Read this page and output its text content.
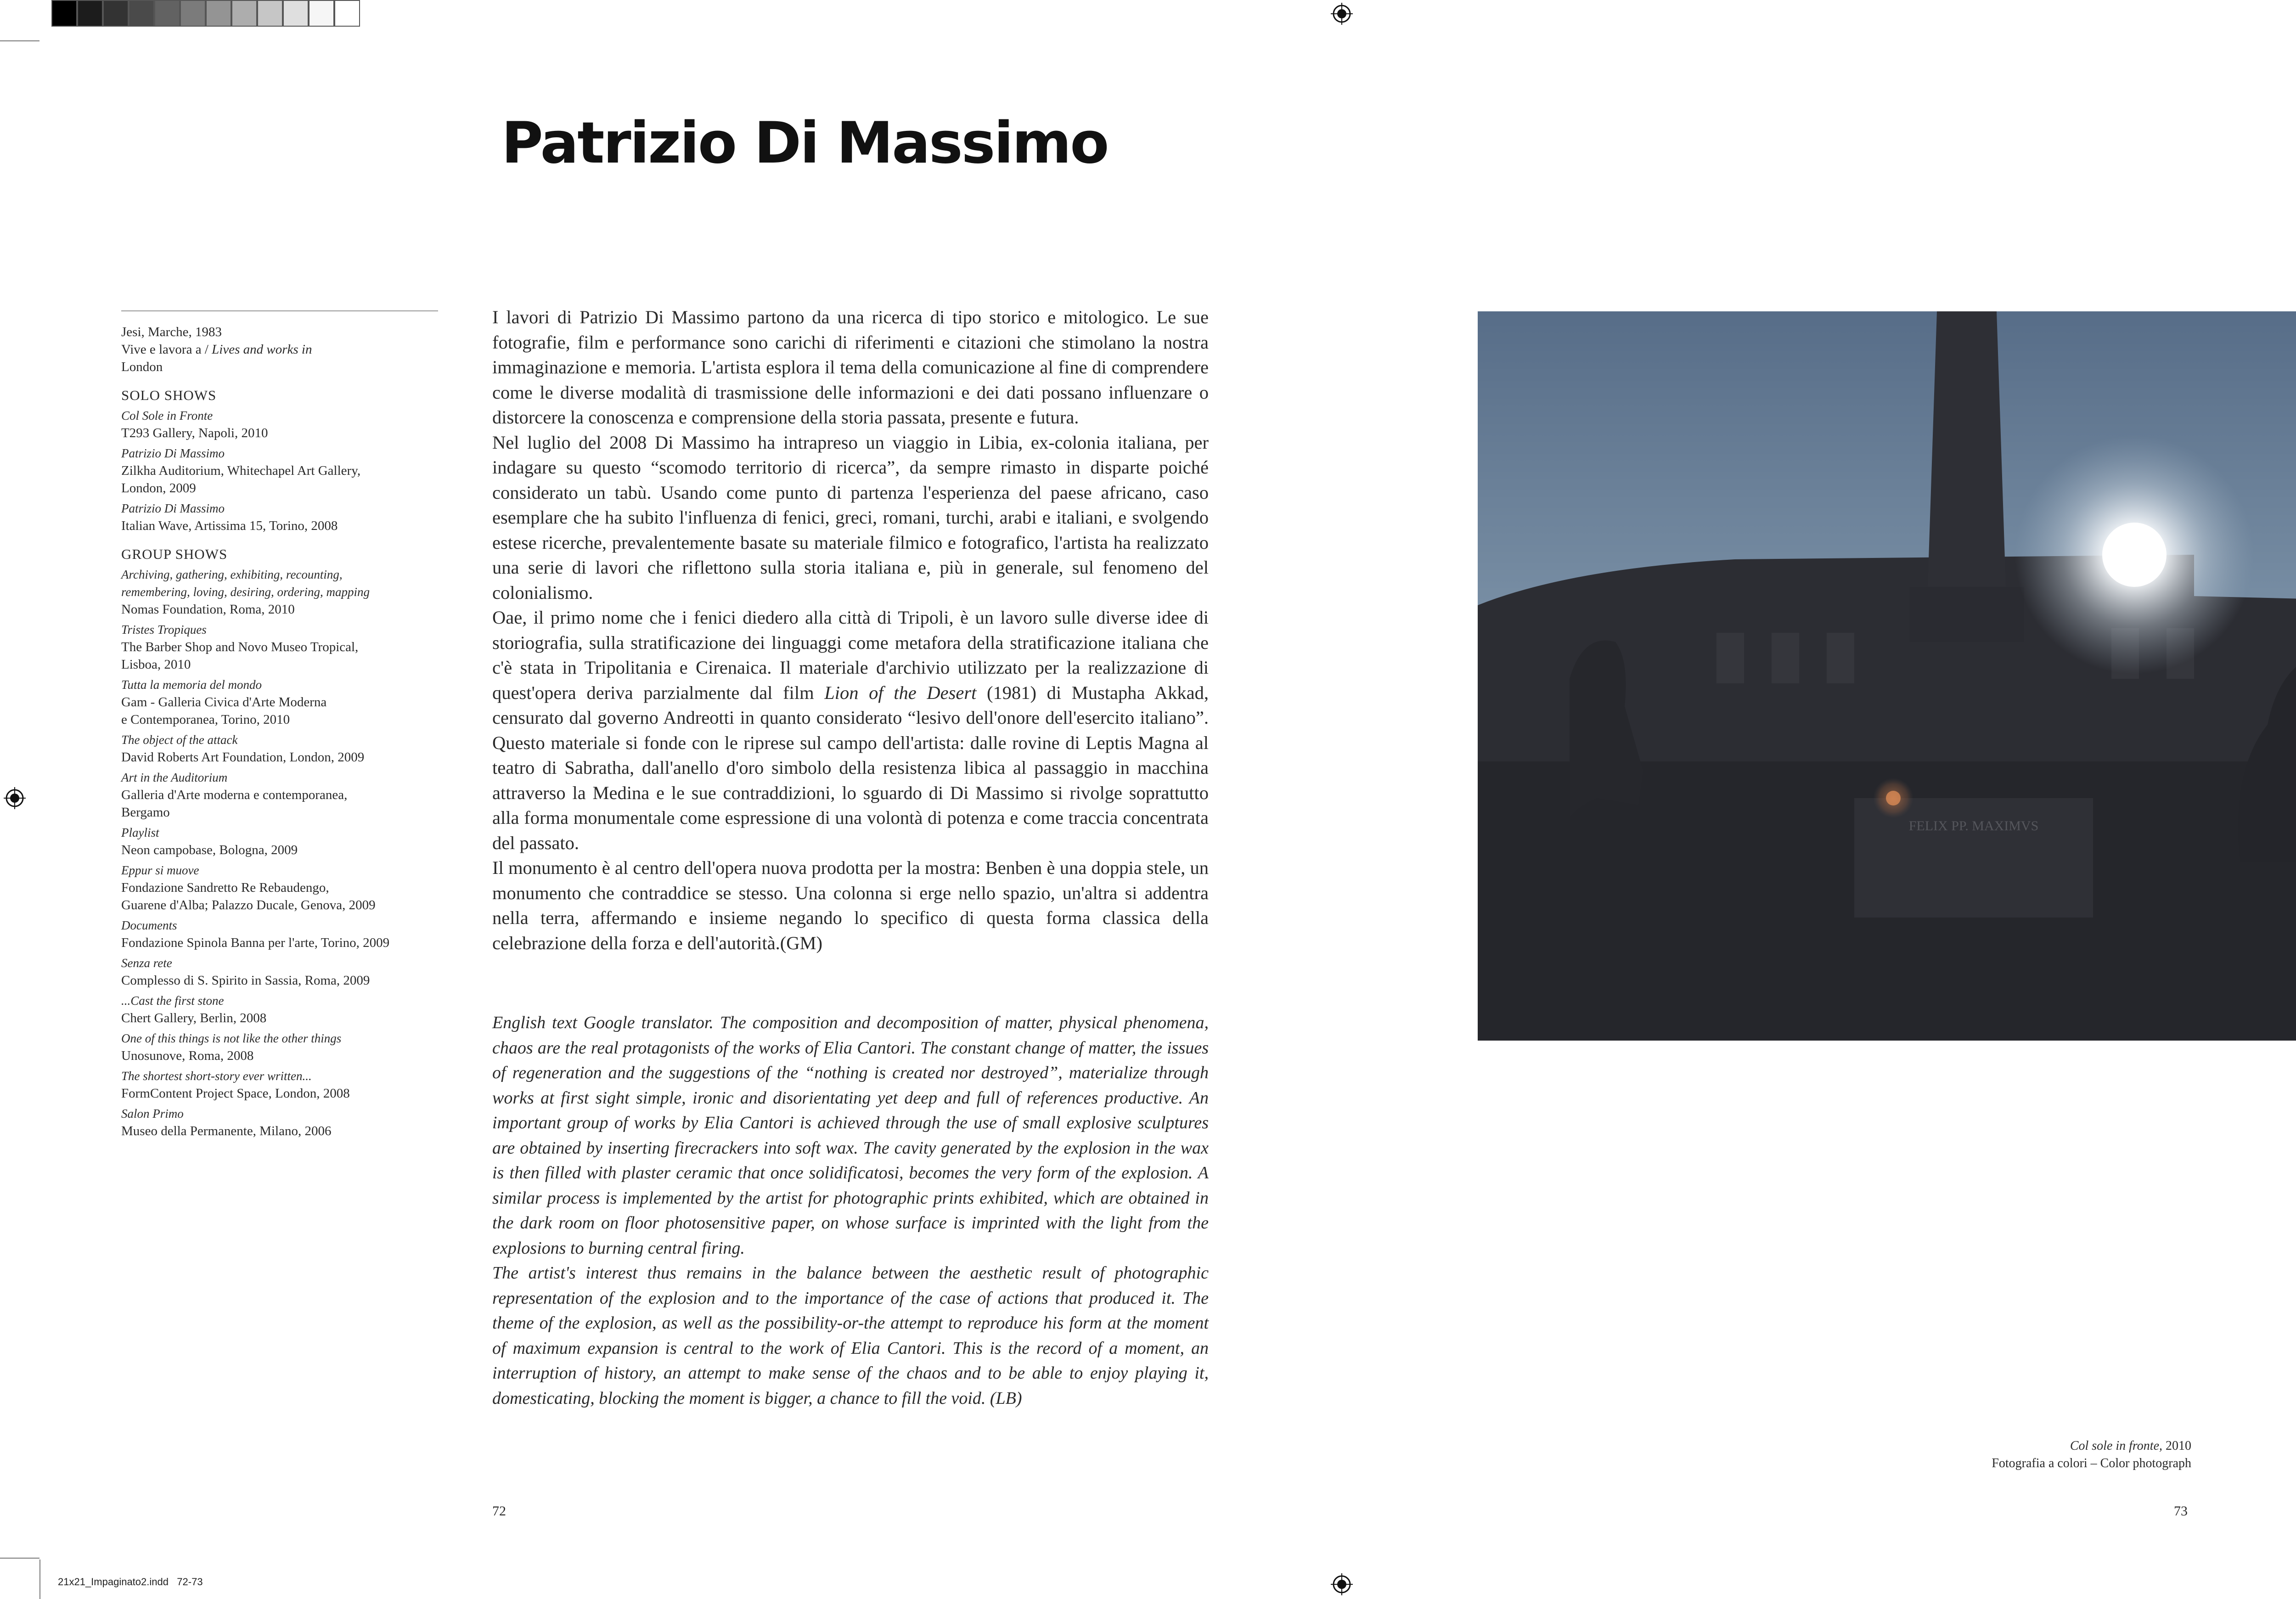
Patrizio Di Massimo
Jesi, Marche, 1983
Vive e lavora a / Lives and works in
London
SOLO SHOWS
Col Sole in Fronte
T293 Gallery, Napoli, 2010
Patrizio Di Massimo
Zilkha Auditorium, Whitechapel Art Gallery,
London, 2009
Patrizio Di Massimo
Italian Wave, Artissima 15, Torino, 2008
GROUP SHOWS
Archiving, gathering, exhibiting, recounting,
remembering, loving, desiring, ordering, mapping
Nomas Foundation, Roma, 2010
Tristes Tropiques
The Barber Shop and Novo Museo Tropical,
Lisboa, 2010
Tutta la memoria del mondo
Gam - Galleria Civica d'Arte Moderna
e Contemporanea, Torino, 2010
The object of the attack
David Roberts Art Foundation, London, 2009
Art in the Auditorium
Galleria d'Arte moderna e contemporanea,
Bergamo
Playlist
Neon campobase, Bologna, 2009
Eppur si muove
Fondazione Sandretto Re Rebaudengo,
Guarene d'Alba; Palazzo Ducale, Genova, 2009
Documents
Fondazione Spinola Banna per l'arte, Torino, 2009
Senza rete
Complesso di S. Spirito in Sassia, Roma, 2009
...Cast the first stone
Chert Gallery, Berlin, 2008
One of this things is not like the other things
Unosunove, Roma, 2008
The shortest short-story ever written...
FormContent Project Space, London, 2008
Salon Primo
Museo della Permanente, Milano, 2006

I lavori di Patrizio Di Massimo partono da una ricerca di tipo storico e mitologico. Le sue fotografie, film e performance sono carichi di riferimenti e citazioni che stimolano la nostra immaginazione e memoria. L'artista esplora il tema della comunicazione al fine di comprendere come le diverse modalità di trasmissione delle informazioni e dei dati possano influenzare o distorcere la conoscenza e comprensione della storia passata, presente e futura.

Nel luglio del 2008 Di Massimo ha intrapreso un viaggio in Libia, ex-colonia italiana, per indagare su questo “scomodo territorio di ricerca”, da sempre rimasto in disparte poiché considerato un tabù. Usando come punto di partenza l'esperienza del paese africano, caso esemplare che ha subito l'influenza di fenici, greci, romani, turchi, arabi e italiani, e svolgendo estese ricerche, prevalentemente basate su materiale filmico e fotografico, l'artista ha realizzato una serie di lavori che riflettono sulla storia italiana e, più in generale, sul fenomeno del colonialismo.

Oae, il primo nome che i fenici diedero alla città di Tripoli, è un lavoro sulle diverse idee di storiografia, sulla stratificazione dei linguaggi come metafora della stratificazione italiana che c'è stata in Tripolitania e Cirenaica. Il materiale d'archivio utilizzato per la realizzazione di quest'opera deriva parzialmente dal film Lion of the Desert (1981) di Mustapha Akkad, censurato dal governo Andreotti in quanto considerato “lesivo dell'onore dell'esercito italiano”. Questo materiale si fonde con le riprese sul campo dell'artista: dalle rovine di Leptis Magna al teatro di Sabratha, dall'anello d'oro simbolo della resistenza libica al passaggio in macchina attraverso la Medina e le sue contraddizioni, lo sguardo di Di Massimo si rivolge soprattutto alla forma monumentale come espressione di una volontà di potenza e come traccia concentrata del passato.

Il monumento è al centro dell'opera nuova prodotta per la mostra: Benben è una doppia stele, un monumento che contraddice se stesso. Una colonna si erge nello spazio, un'altra si addentra nella terra, affermando e insieme negando lo specifico di questa forma classica della celebrazione della forza e dell'autorità.(GM)

English text Google translator. The composition and decomposition of matter, physical phenomena, chaos are the real protagonists of the works of Elia Cantori. The constant change of matter, the issues of regeneration and the suggestions of the “nothing is created nor destroyed”, materialize through works at first sight simple, ironic and disorientating yet deep and full of references productive. An important group of works by Elia Cantori is achieved through the use of small explosive sculptures are obtained by inserting firecrackers into soft wax. The cavity generated by the explosion in the wax is then filled with plaster ceramic that once solidificatosi, becomes the very form of the explosion. A similar process is implemented by the artist for photographic prints exhibited, which are obtained in the dark room on floor photosensitive paper, on whose surface is imprinted with the light from the explosions to burning central firing.

The artist's interest thus remains in the balance between the aesthetic result of photographic representation of the explosion and to the importance of the case of actions that produced it. The theme of the explosion, as well as the possibility-or-the attempt to reproduce his form at the moment of maximum expansion is central to the work of Elia Cantori. This is the record of a moment, an interruption of history, an attempt to make sense of the chaos and to be able to enjoy playing it, domesticating, blocking the moment is bigger, a chance to fill the void. (LB)

FELIX PP. MAXIMVS
Col sole in fronte, 2010
Fotografia a colori – Color photograph
72	73
21x21_Impaginato2.indd   72-73
